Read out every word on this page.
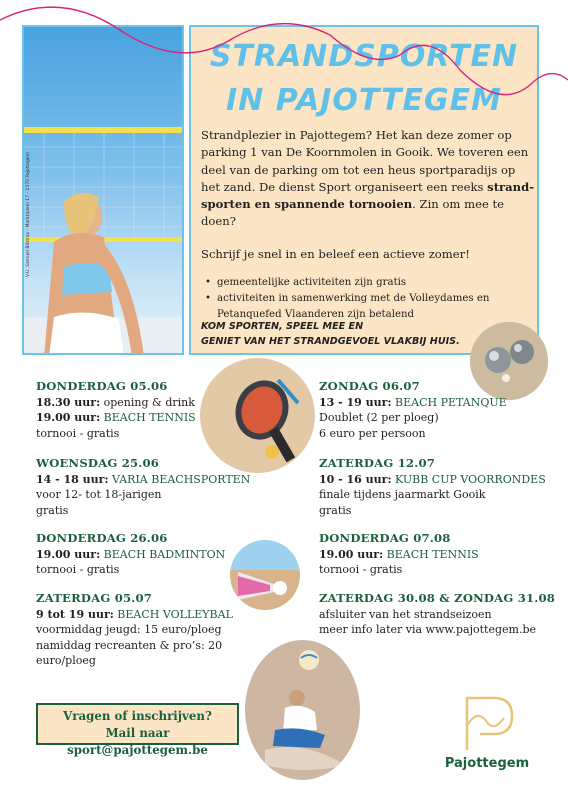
V.U. Samuel Bilstras - Markt/plein 17 - 1570 Pajottegem
STRANDSPORTEN
IN PAJOTTEGEM

Strandplezier in Pajottegem? Het kan deze zomer op parking 1 van De Koornmolen in Gooik. We toveren een deel van de parking om tot een heus sportparadijs op het zand. De dienst Sport organiseert een reeks strand-sporten en spannende tornooien. Zin om mee te doen?

Schrijf je snel in en beleef een actieve zomer!

• gemeentelijke activiteiten zijn gratis
• activiteiten in samenwerking met de Volleydames en Petanquefed Vlaanderen zijn betalend
KOM SPORTEN, SPEEL MEE EN
GENIET VAN HET STRANDGEVOEL VLAKBIJ HUIS.
DONDERDAG 05.06
18.30 uur: opening & drink
19.00 uur: BEACH TENNIS
tornooi - gratis
WOENSDAG 25.06
14 - 18 uur: VARIA BEACHSPORTEN
voor 12- tot 18-jarigen
gratis
DONDERDAG 26.06
19.00 uur: BEACH BADMINTON
tornooi - gratis
ZATERDAG 05.07
9 tot 19 uur: BEACH VOLLEYBAL
voormiddag jeugd: 15 euro/ploeg
namiddag recreanten & pro’s: 20 euro/ploeg
ZONDAG 06.07
13 - 19 uur: BEACH PETANQUE
Doublet (2 per ploeg)
6 euro per persoon
ZATERDAG 12.07
10 - 16 uur: KUBB CUP VOORRONDES
finale tijdens jaarmarkt Gooik
gratis
DONDERDAG 07.08
19.00 uur: BEACH TENNIS
tornooi - gratis
ZATERDAG 30.08 & ZONDAG 31.08
afsluiter van het strandseizoen
meer info later via www.pajottegem.be
Vragen of inschrijven?
Mail naar sport@pajottegem.be
Pajottegem
